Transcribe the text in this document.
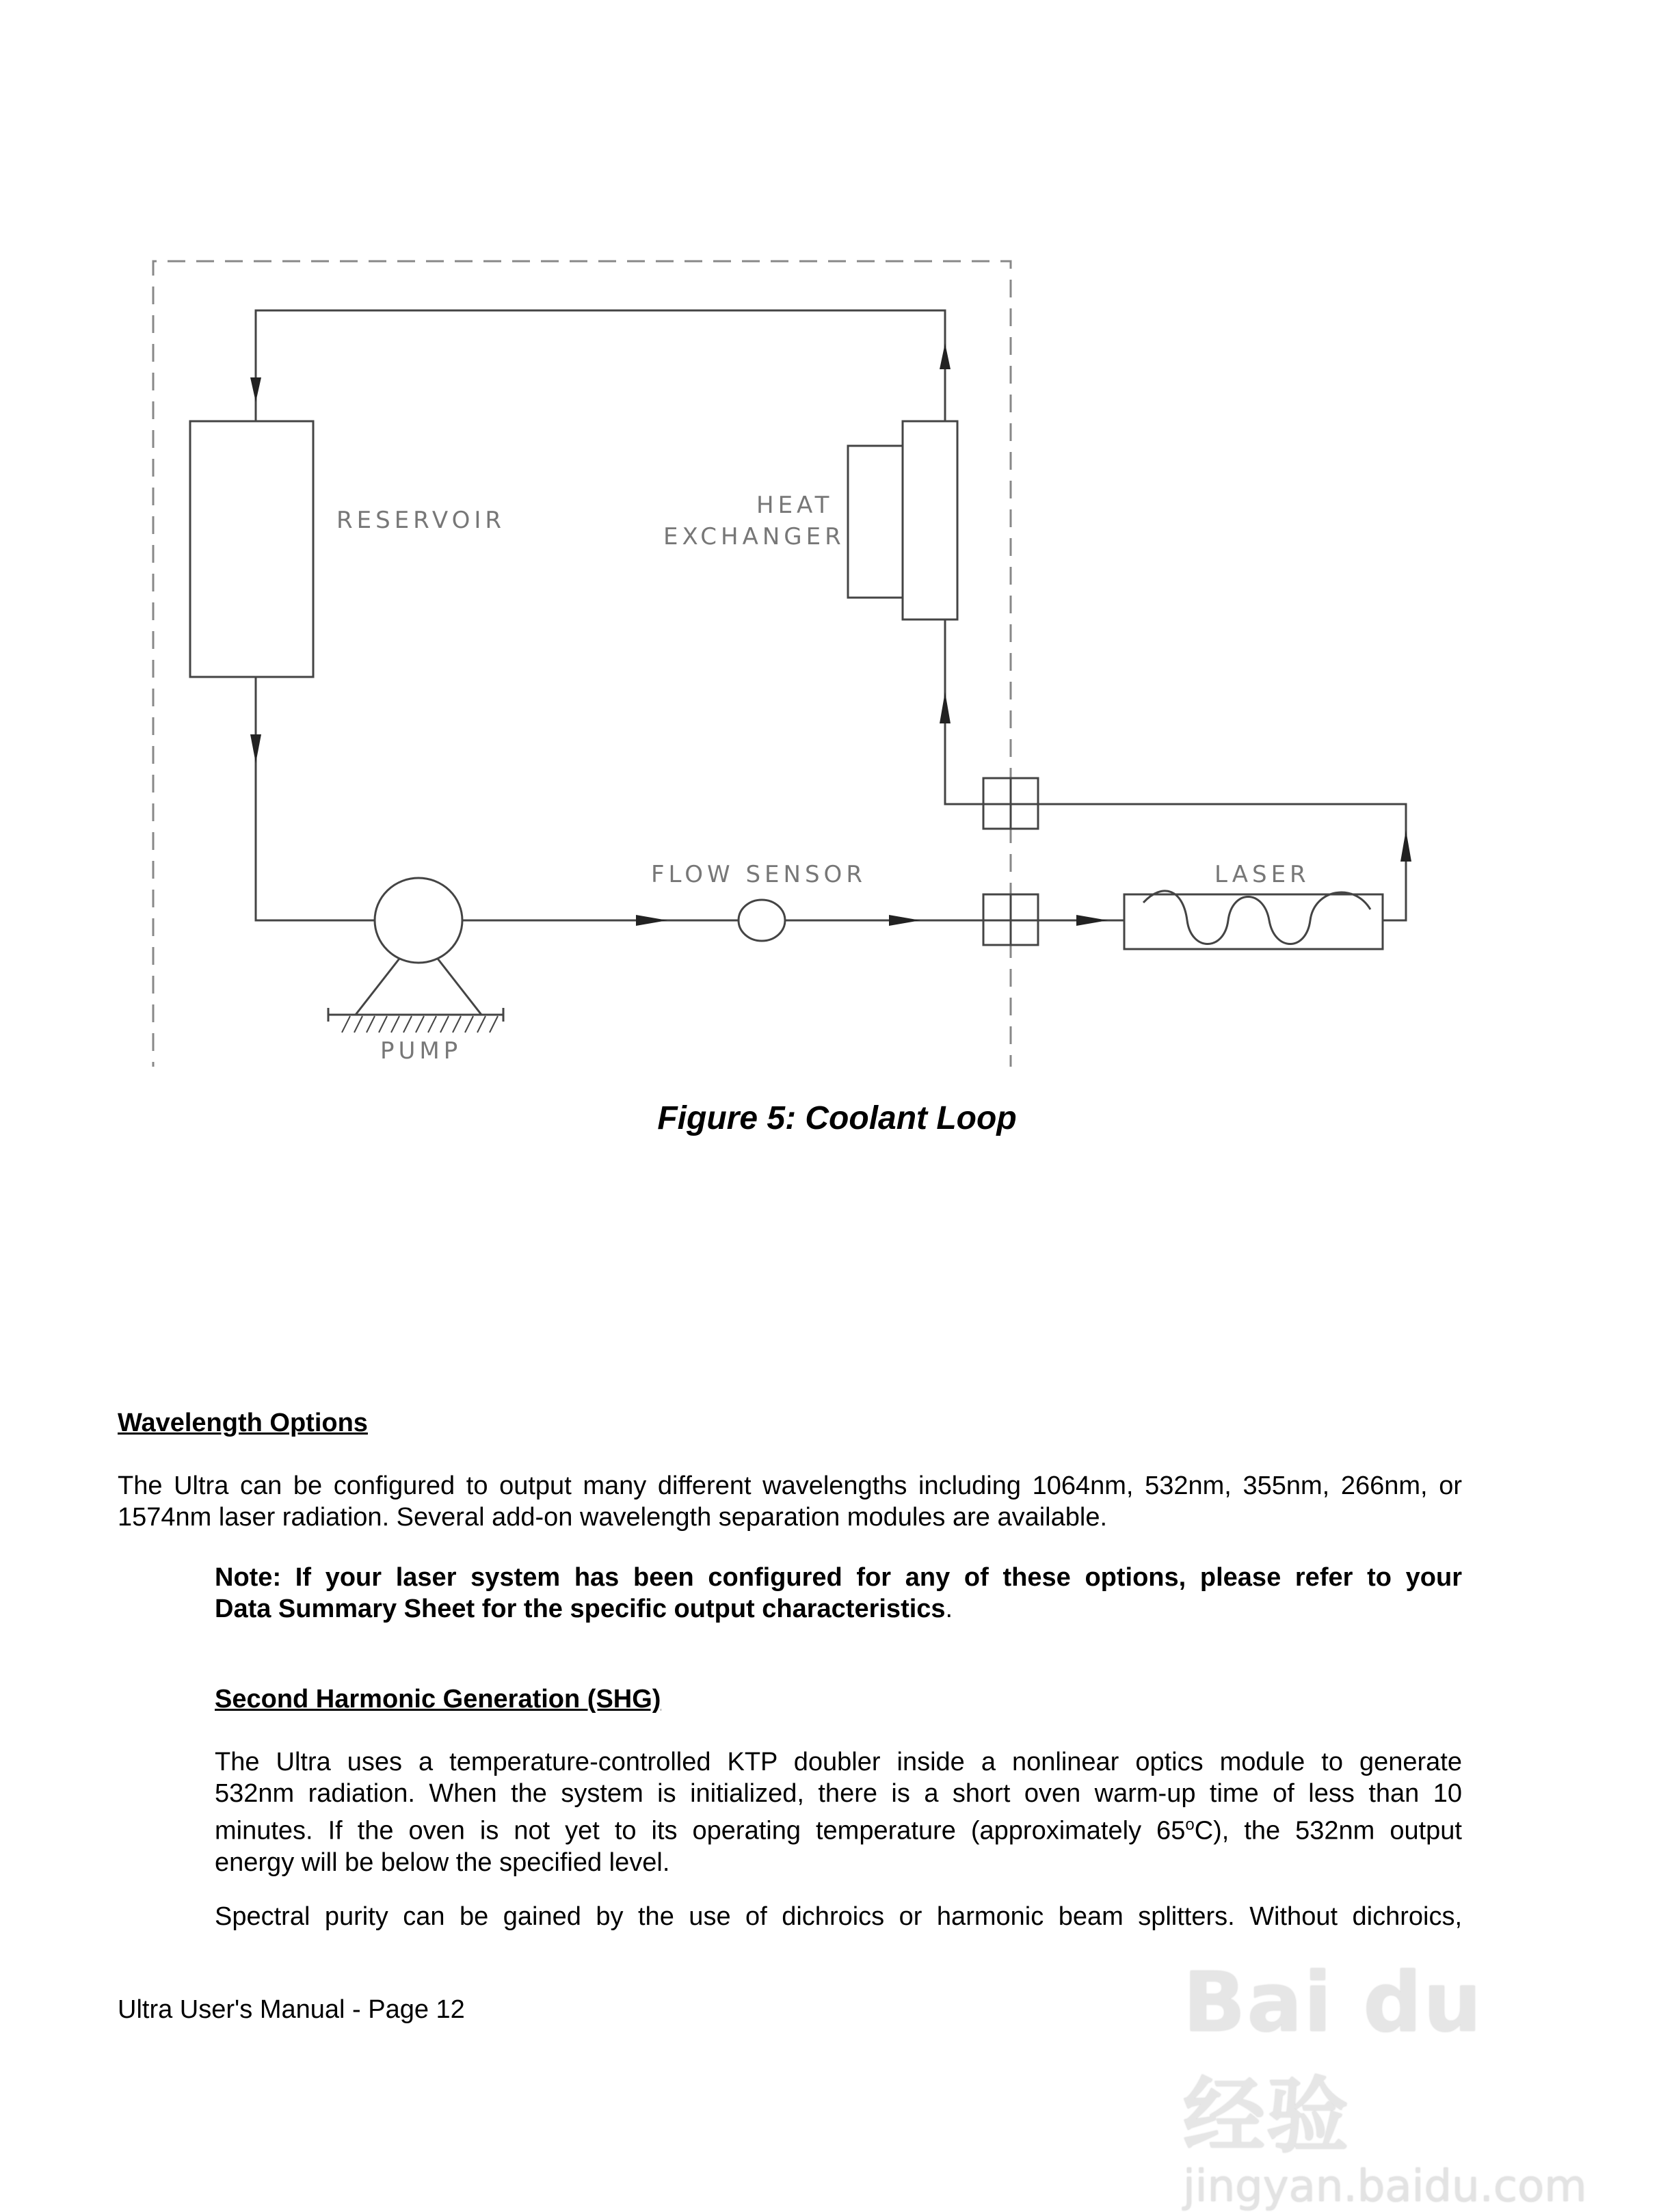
RESERVOIR
HEAT
EXCHANGER
FLOW SENSOR	LASER
PUMP
Figure 5: Coolant Loop
Wavelength Options
The Ultra can be configured to output many different wavelengths including 1064nm, 532nm, 355nm, 266nm, or
1574nm laser radiation. Several add-on wavelength separation modules are available.
Note: If your laser system has been configured for any of these options, please refer to your
Data Summary Sheet for the specific output characteristics.
Second Harmonic Generation (SHG)
The Ultra uses a temperature-controlled KTP doubler inside a nonlinear optics module to generate
532nm radiation. When the system is initialized, there is a short oven warm-up time of less than 10
minutes. If the oven is not yet to its operating temperature (approximately 65$^o$C), the 532nm output
energy will be below the specified level.
Spectral purity can be gained by the use of dichroics or harmonic beam splitters. Without dichroics,
Ultra User's Manual - Page 12	Bai du 经验
jingyan.baidu.com
